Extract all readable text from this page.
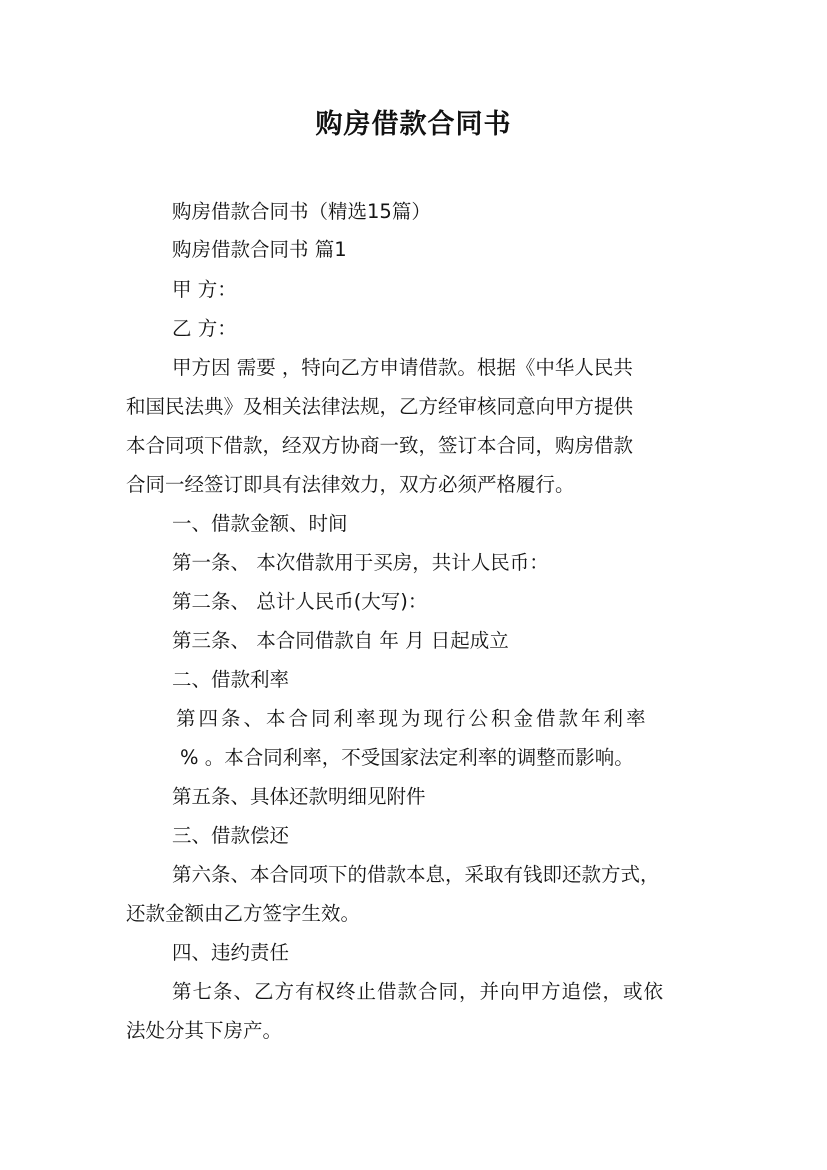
购房借款合同书
购房借款合同书（精选15篇）
购房借款合同书 篇1
甲 方：
乙 方：
甲方因 需要 ，特向乙方申请借款。根据《中华人民共
和国民法典》及相关法律法规，乙方经审核同意向甲方提供
本合同项下借款，经双方协商一致，签订本合同，购房借款
合同一经签订即具有法律效力，双方必须严格履行。
一、借款金额、时间
第一条、 本次借款用于买房，共计人民币：
第二条、 总计人民币(大写)：
第三条、 本合同借款自 年 月 日起成立
二、借款利率
第四条、本合同利率现为现行公积金借款年利率
% 。本合同利率，不受国家法定利率的调整而影响。
第五条、具体还款明细见附件
三、借款偿还
第六条、本合同项下的借款本息，采取有钱即还款方式，
还款金额由乙方签字生效。
四、违约责任
第七条、乙方有权终止借款合同，并向甲方追偿，或依
法处分其下房产。
